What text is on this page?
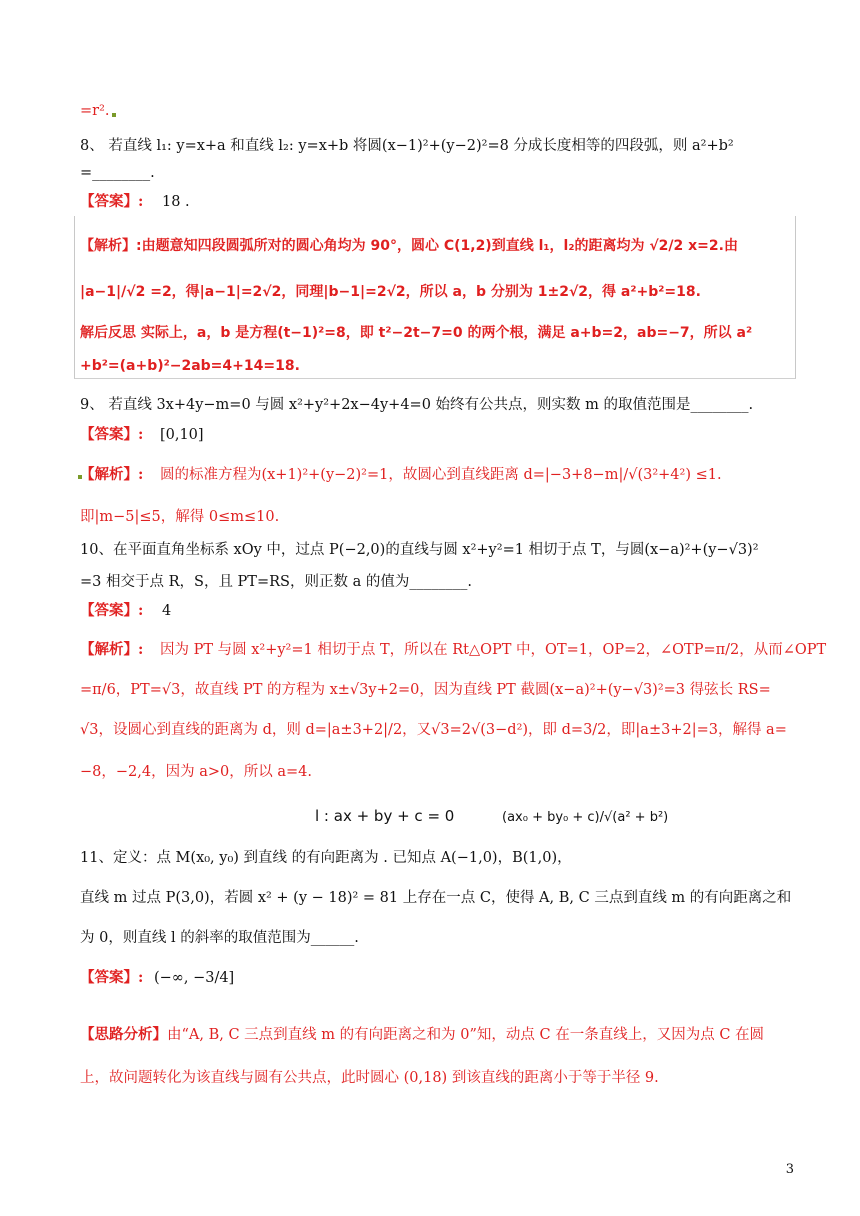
=r².
8、 若直线 l₁: y=x+a 和直线 l₂: y=x+b 将圆(x−1)²+(y−2)²=8 分成长度相等的四段弧，则 a²+b²
=________.
【答案】: 18 .
【解析】:由题意知四段圆弧所对的圆心角均为 90°，圆心 C(1,2)到直线 l₁，l₂的距离均为 √2/2 x=2.由
|a−1|/√2 =2，得|a−1|=2√2，同理|b−1|=2√2，所以 a，b 分别为 1±2√2，得 a²+b²=18.
解后反思 实际上，a，b 是方程(t−1)²=8，即 t²−2t−7=0 的两个根，满足 a+b=2，ab=−7，所以 a²
+b²=(a+b)²−2ab=4+14=18.
9、 若直线 3x+4y−m=0 与圆 x²+y²+2x−4y+4=0 始终有公共点，则实数 m 的取值范围是________.
【答案】: [0,10]
【解析】: 圆的标准方程为(x+1)²+(y−2)²=1，故圆心到直线距离 d=|−3+8−m|/√(3²+4²) ≤1.
即|m−5|≤5，解得 0≤m≤10.
10、在平面直角坐标系 xOy 中，过点 P(−2,0)的直线与圆 x²+y²=1 相切于点 T，与圆(x−a)²+(y−√3)²
=3 相交于点 R，S，且 PT=RS，则正数 a 的值为________.
【答案】: 4
【解析】: 因为 PT 与圆 x²+y²=1 相切于点 T，所以在 Rt△OPT 中，OT=1，OP=2，∠OTP=π/2，从而∠OPT
=π/6，PT=√3，故直线 PT 的方程为 x±√3y+2=0，因为直线 PT 截圆(x−a)²+(y−√3)²=3 得弦长 RS=
√3，设圆心到直线的距离为 d，则 d=|a±3+2|/2，又√3=2√(3−d²)，即 d=3/2，即|a±3+2|=3，解得 a=
−8，−2,4，因为 a>0，所以 a=4.
l : ax + by + c = 0	(ax₀ + by₀ + c)/√(a² + b²)
11、定义：点 M(x₀, y₀) 到直线 的有向距离为 . 已知点 A(−1,0)，B(1,0)，
直线 m 过点 P(3,0)，若圆 x² + (y − 18)² = 81 上存在一点 C，使得 A, B, C 三点到直线 m 的有向距离之和
为 0，则直线 l 的斜率的取值范围为______.
【答案】: (−∞, −3/4]
【思路分析】由“A, B, C 三点到直线 m 的有向距离之和为 0”知，动点 C 在一条直线上，又因为点 C 在圆
上，故问题转化为该直线与圆有公共点，此时圆心 (0,18) 到该直线的距离小于等于半径 9.
3
